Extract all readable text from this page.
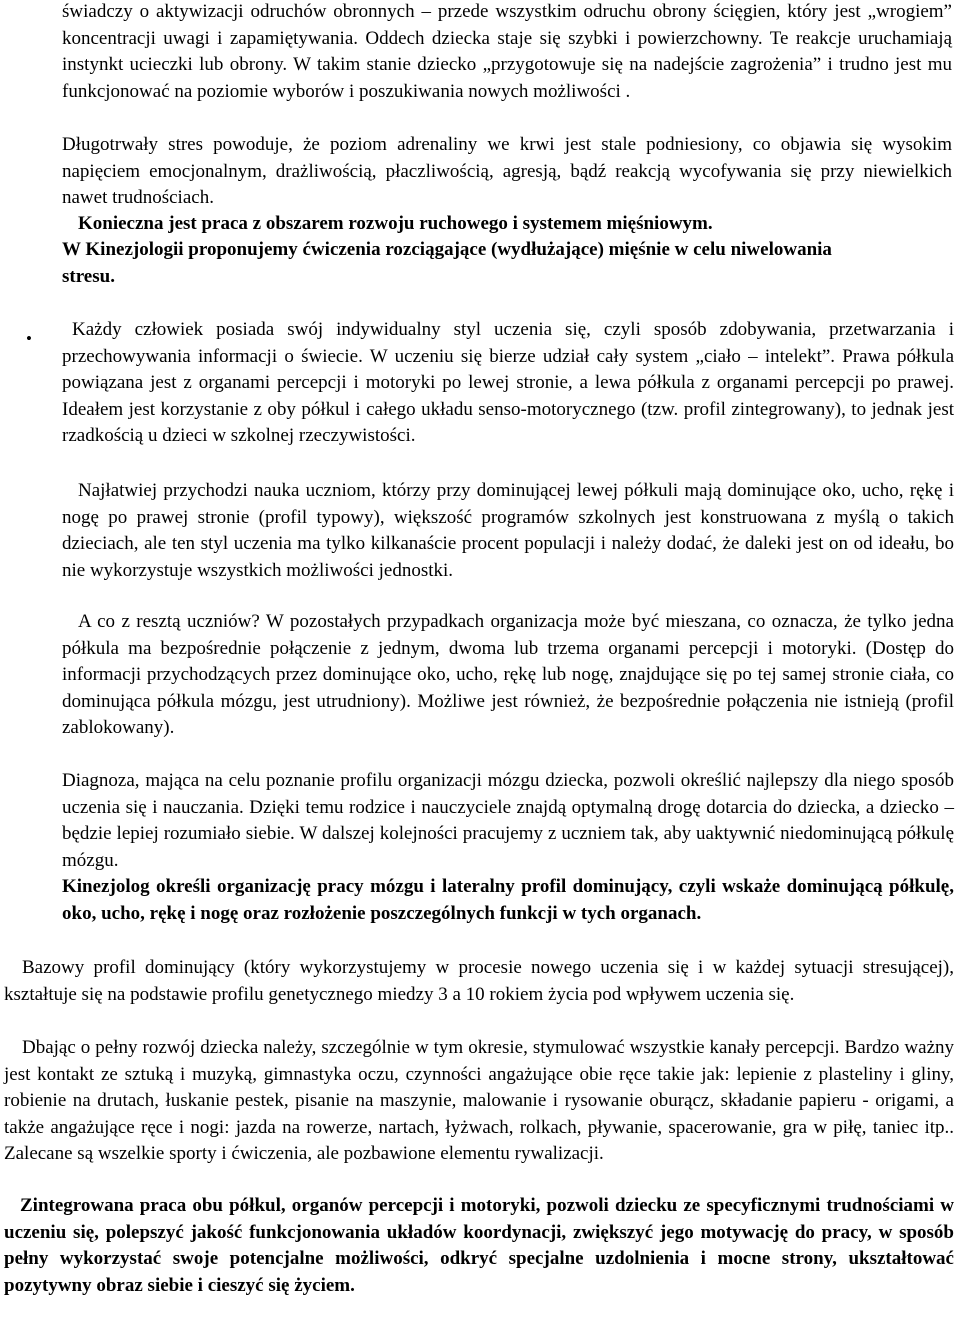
świadczy o aktywizacji odruchów obronnych – przede wszystkim odruchu obrony ścięgien, który jest „wrogiem” koncentracji uwagi i zapamiętywania. Oddech dziecka staje się szybki i powierzchowny. Te reakcje uruchamiają instynkt ucieczki lub obrony. W takim stanie dziecko „przygotowuje się na nadejście zagrożenia” i trudno jest mu funkcjonować na poziomie wyborów i poszukiwania nowych możliwości .

Długotrwały stres powoduje, że poziom adrenaliny we krwi jest stale podniesiony, co objawia się wysokim napięciem emocjonalnym, drażliwością, płaczliwością, agresją, bądź reakcją wycofywania się przy niewielkich nawet trudnościach.

Konieczna jest praca z obszarem rozwoju ruchowego i systemem mięśniowym.

W Kinezjologii proponujemy ćwiczenia rozciągające (wydłużające) mięśnie w celu niwelowania stresu.

•	Każdy człowiek posiada swój indywidualny styl uczenia się, czyli sposób zdobywania, przetwarzania i przechowywania informacji o świecie. W uczeniu się bierze udział cały system „ciało – intelekt”. Prawa półkula powiązana jest z organami percepcji i motoryki po lewej stronie, a lewa półkula z organami percepcji po prawej. Ideałem jest korzystanie z oby półkul i całego układu senso-motorycznego (tzw. profil zintegrowany), to jednak jest rzadkością u dzieci w szkolnej rzeczywistości.

Najłatwiej przychodzi nauka uczniom, którzy przy dominującej lewej półkuli mają dominujące oko, ucho, rękę i nogę po prawej stronie (profil typowy), większość programów szkolnych jest konstruowana z myślą o takich dzieciach, ale ten styl uczenia ma tylko kilkanaście procent populacji i należy dodać, że daleki jest on od ideału, bo nie wykorzystuje wszystkich możliwości jednostki.

A co z resztą uczniów? W pozostałych przypadkach organizacja może być mieszana, co oznacza, że tylko jedna półkula ma bezpośrednie połączenie z jednym, dwoma lub trzema organami percepcji i motoryki. (Dostęp do informacji przychodzących przez dominujące oko, ucho, rękę lub nogę, znajdujące się po tej samej stronie ciała, co dominująca półkula mózgu, jest utrudniony). Możliwe jest również, że bezpośrednie połączenia nie istnieją (profil zablokowany).

Diagnoza, mająca na celu poznanie profilu organizacji mózgu dziecka, pozwoli określić najlepszy dla niego sposób uczenia się i nauczania. Dzięki temu rodzice i nauczyciele znajdą optymalną drogę dotarcia do dziecka, a dziecko – będzie lepiej rozumiało siebie. W dalszej kolejności pracujemy z uczniem tak, aby uaktywnić niedominującą półkulę mózgu.

Kinezjolog określi organizację pracy mózgu i lateralny profil dominujący, czyli wskaże dominującą półkulę, oko, ucho, rękę i nogę oraz rozłożenie poszczególnych funkcji w tych organach.

Bazowy profil dominujący (który wykorzystujemy w procesie nowego uczenia się i w każdej sytuacji stresującej), kształtuje się na podstawie profilu genetycznego miedzy 3 a 10 rokiem życia pod wpływem uczenia się.

Dbając o pełny rozwój dziecka należy, szczególnie w tym okresie, stymulować wszystkie kanały percepcji. Bardzo ważny jest kontakt ze sztuką i muzyką, gimnastyka oczu, czynności angażujące obie ręce takie jak: lepienie z plasteliny i gliny, robienie na drutach, łuskanie pestek, pisanie na maszynie, malowanie i rysowanie oburącz, składanie papieru - origami, a także angażujące ręce i nogi: jazda na rowerze, nartach, łyżwach, rolkach, pływanie, spacerowanie, gra w piłę, taniec itp.. Zalecane są wszelkie sporty i ćwiczenia, ale pozbawione elementu rywalizacji.

Zintegrowana praca obu półkul, organów percepcji i motoryki, pozwoli dziecku ze specyficznymi trudnościami w uczeniu się, polepszyć jakość funkcjonowania układów koordynacji, zwiększyć jego motywację do pracy, w sposób pełny wykorzystać swoje potencjalne możliwości, odkryć specjalne uzdolnienia i mocne strony, ukształtować pozytywny obraz siebie i cieszyć się życiem.
